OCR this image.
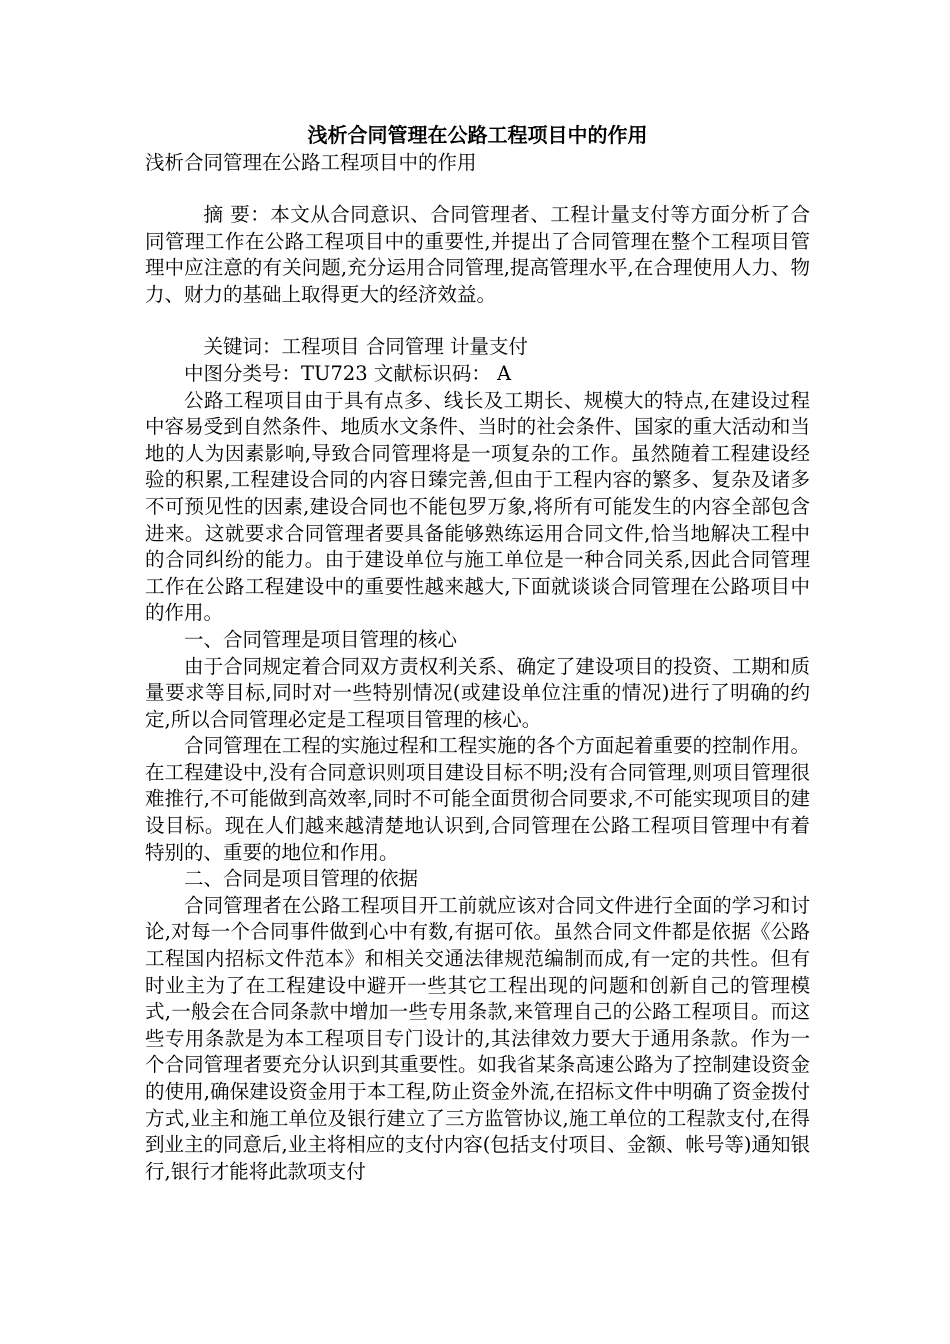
浅析合同管理在公路工程项目中的作用

浅析合同管理在公路工程项目中的作用

摘 要：本文从合同意识、合同管理者、工程计量支付等方面分析了合同管理工作在公路工程项目中的重要性,并提出了合同管理在整个工程项目管理中应注意的有关问题,充分运用合同管理,提高管理水平,在合理使用人力、物力、财力的基础上取得更大的经济效益。

关键词：工程项目 合同管理 计量支付

中图分类号：TU723 文献标识码： A

公路工程项目由于具有点多、线长及工期长、规模大的特点,在建设过程中容易受到自然条件、地质水文条件、当时的社会条件、国家的重大活动和当地的人为因素影响,导致合同管理将是一项复杂的工作。虽然随着工程建设经验的积累,工程建设合同的内容日臻完善,但由于工程内容的繁多、复杂及诸多不可预见性的因素,建设合同也不能包罗万象,将所有可能发生的内容全部包含进来。这就要求合同管理者要具备能够熟练运用合同文件,恰当地解决工程中的合同纠纷的能力。由于建设单位与施工单位是一种合同关系,因此合同管理工作在公路工程建设中的重要性越来越大,下面就谈谈合同管理在公路项目中的作用。

一、合同管理是项目管理的核心

由于合同规定着合同双方责权利关系、确定了建设项目的投资、工期和质量要求等目标,同时对一些特别情况(或建设单位注重的情况)进行了明确的约定,所以合同管理必定是工程项目管理的核心。

合同管理在工程的实施过程和工程实施的各个方面起着重要的控制作用。在工程建设中,没有合同意识则项目建设目标不明;没有合同管理,则项目管理很难推行,不可能做到高效率,同时不可能全面贯彻合同要求,不可能实现项目的建设目标。现在人们越来越清楚地认识到,合同管理在公路工程项目管理中有着特别的、重要的地位和作用。

二、合同是项目管理的依据

合同管理者在公路工程项目开工前就应该对合同文件进行全面的学习和讨论,对每一个合同事件做到心中有数,有据可依。虽然合同文件都是依据《公路工程国内招标文件范本》和相关交通法律规范编制而成,有一定的共性。但有时业主为了在工程建设中避开一些其它工程出现的问题和创新自己的管理模式,一般会在合同条款中增加一些专用条款,来管理自己的公路工程项目。而这些专用条款是为本工程项目专门设计的,其法律效力要大于通用条款。作为一个合同管理者要充分认识到其重要性。如我省某条高速公路为了控制建设资金的使用,确保建设资金用于本工程,防止资金外流,在招标文件中明确了资金拨付方式,业主和施工单位及银行建立了三方监管协议,施工单位的工程款支付,在得到业主的同意后,业主将相应的支付内容(包括支付项目、金额、帐号等)通知银行,银行才能将此款项支付
